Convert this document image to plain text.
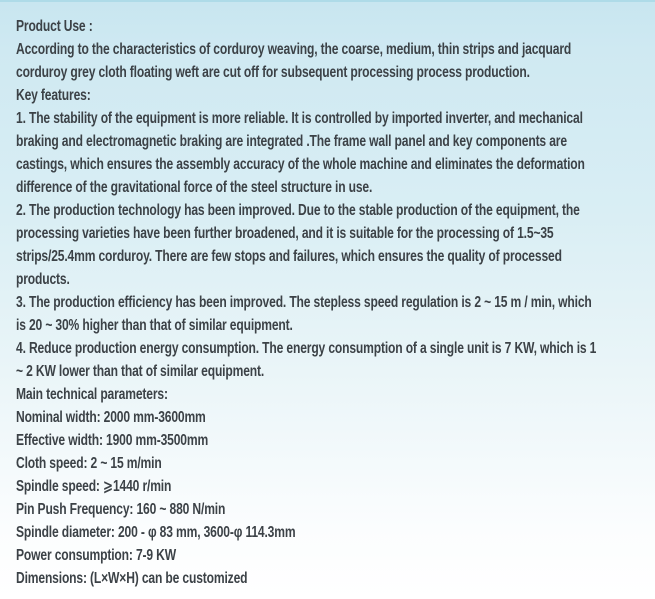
Product Use :
According to the characteristics of corduroy weaving, the coarse, medium, thin strips and jacquard
corduroy grey cloth floating weft are cut off for subsequent processing process production.
Key features:
1. The stability of the equipment is more reliable. It is controlled by imported inverter, and mechanical
braking and electromagnetic braking are integrated .The frame wall panel and key components are
castings, which ensures the assembly accuracy of the whole machine and eliminates the deformation
difference of the gravitational force of the steel structure in use.
2. The production technology has been improved. Due to the stable production of the equipment, the
processing varieties have been further broadened, and it is suitable for the processing of 1.5~35
strips/25.4mm corduroy. There are few stops and failures, which ensures the quality of processed
products.
3. The production efficiency has been improved. The stepless speed regulation is 2 ~ 15 m / min, which
is 20 ~ 30% higher than that of similar equipment.
4. Reduce production energy consumption. The energy consumption of a single unit is 7 KW, which is 1
~ 2 KW lower than that of similar equipment.
Main technical parameters:
Nominal width: 2000 mm-3600mm
Effective width: 1900 mm-3500mm
Cloth speed: 2 ~ 15 m/min
Spindle speed: ⩾1440 r/min
Pin Push Frequency: 160 ~ 880 N/min
Spindle diameter: 200 - φ 83 mm, 3600-φ 114.3mm
Power consumption: 7-9 KW
Dimensions: (L×W×H) can be customized
